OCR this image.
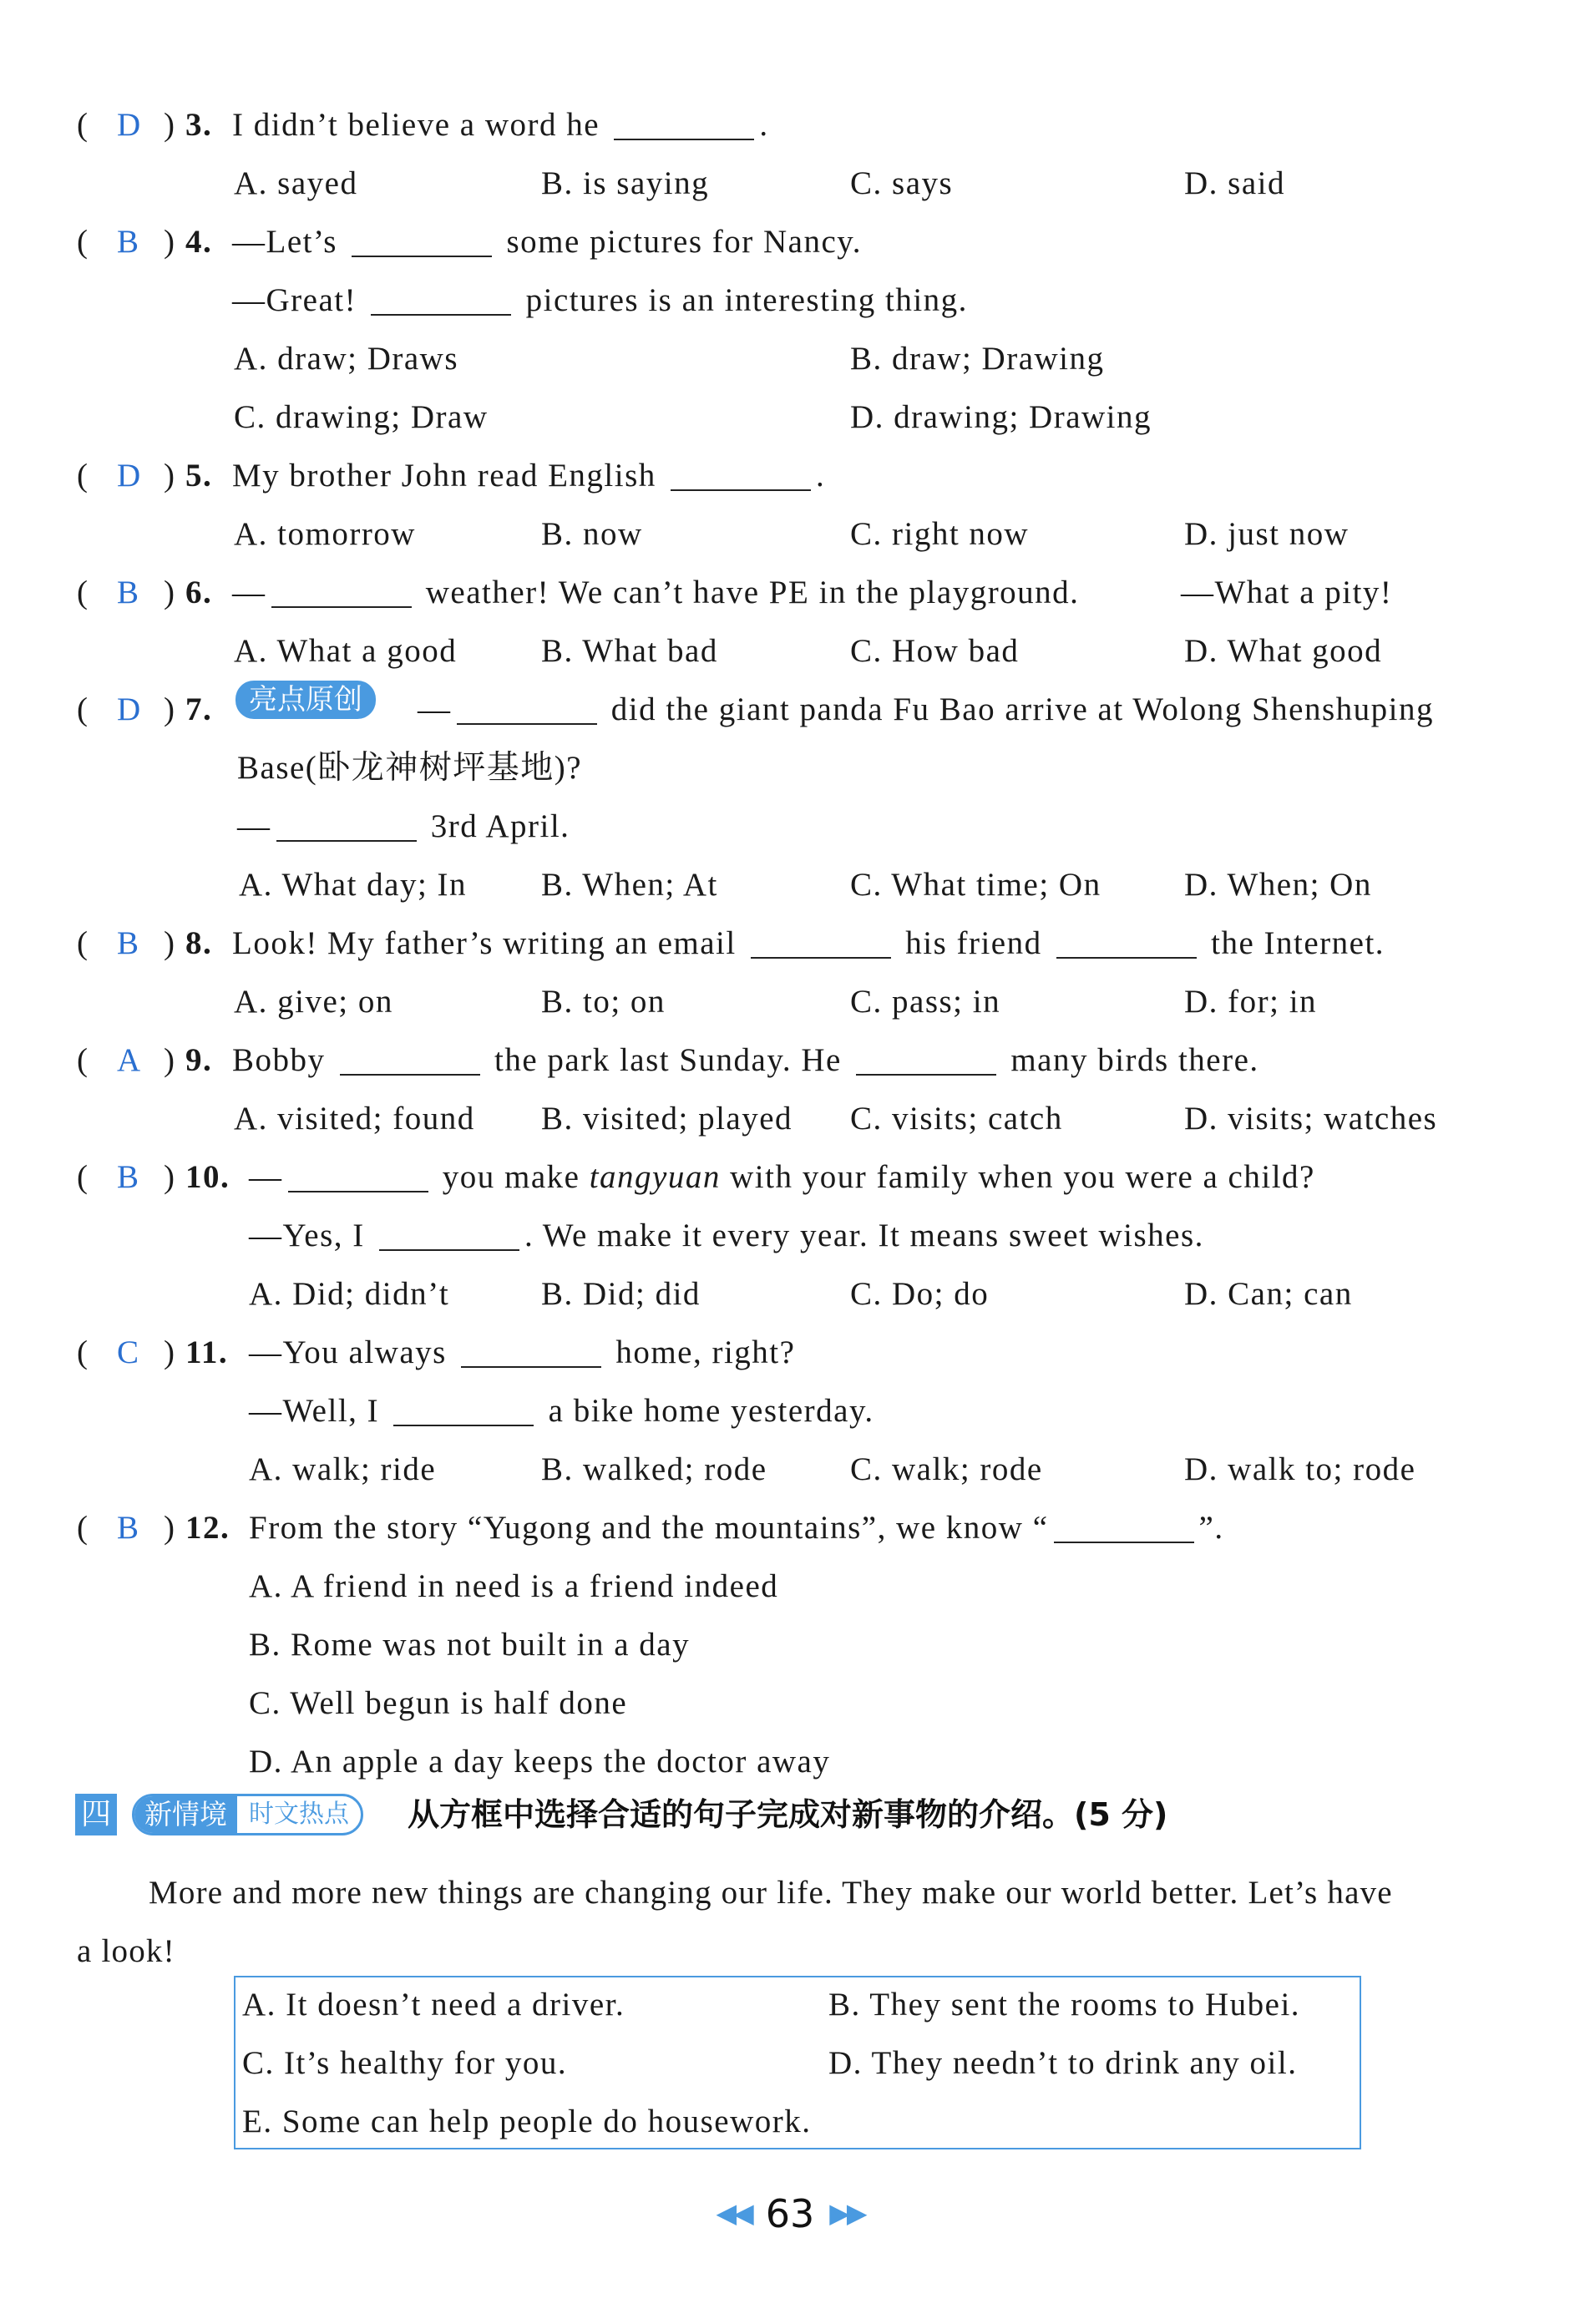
( D ) 3. I didn’t believe a word he	.
A. sayed	B. is saying	C. says	D. said
( B ) 4. —Let’s	some pictures for Nancy.
—Great!	pictures is an interesting thing.
A. draw; Draws	B. draw; Drawing
C. drawing; Draw	D. drawing; Drawing
( D ) 5. My brother John read English	.
A. tomorrow	B. now	C. right now	D. just now
( B ) 6. —	weather! We can’t have PE in the playground.	—What a pity!
A. What a good	B. What bad	C. How bad	D. What good
( D ) 7.	亮点原创	—	did the giant panda Fu Bao arrive at Wolong Shenshuping
Base(卧龙神树坪基地)?
—	3rd April.
A. What day; In B. When; At	C. What time; On	D. When; On
( B ) 8. Look! My father’s writing an email	his friend	the Internet.
A. give; on	B. to; on	C. pass; in	D. for; in
( A ) 9. Bobby	the park last Sunday. He	many birds there.
A. visited; found B. visited; played C. visits; catch	D. visits; watches
( B ) 10. —	you make tangyuan with your family when you were a child?
—Yes, I	. We make it every year. It means sweet wishes.
A. Did; didn’t	B. Did; did	C. Do; do	D. Can; can
( C ) 11. —You always	home, right?
—Well, I	a bike home yesterday.
A. walk; ride	B. walked; rode	C. walk; rode	D. walk to; rode
( B ) 12. From the story “Yugong and the mountains”, we know “	”.
A. A friend in need is a friend indeed
B. Rome was not built in a day
C. Well begun is half done
D. An apple a day keeps the doctor away
四	新情境 时文热点	从方框中选择合适的句子完成对新事物的介绍。(5 分)
More and more new things are changing our life. They make our world better. Let’s have
a look!
A. It doesn’t need a driver.	B. They sent the rooms to Hubei.
C. It’s healthy for you.	D. They needn’t to drink any oil.
E. Some can help people do housework.
◀◀ 63 ▶▶
